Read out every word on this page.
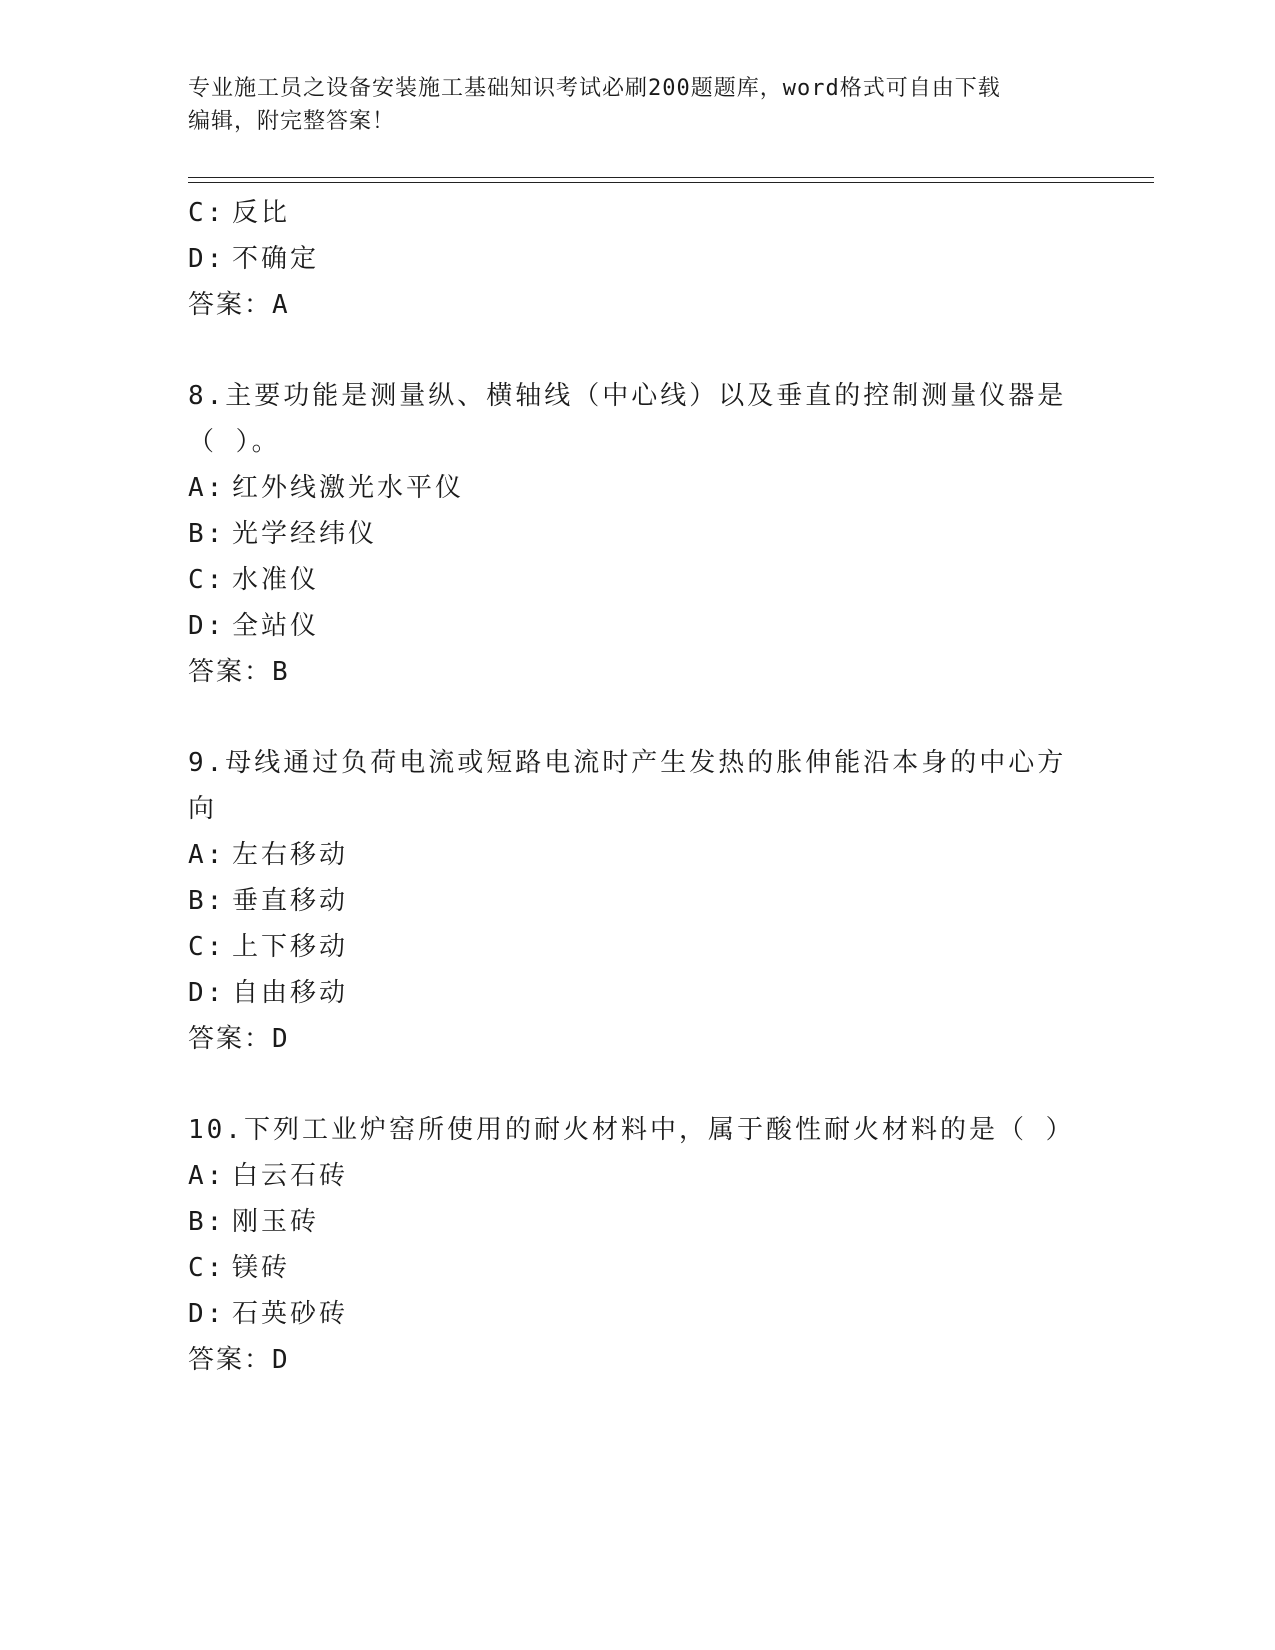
专业施工员之设备安装施工基础知识考试必刷200题题库，word格式可自由下载
编辑，附完整答案！
C: 反比
D: 不确定
答案：A
8.主要功能是测量纵、横轴线（中心线）以及垂直的控制测量仪器是
（ ）。
A: 红外线激光水平仪
B: 光学经纬仪
C: 水准仪
D: 全站仪
答案：B
9.母线通过负荷电流或短路电流时产生发热的胀伸能沿本身的中心方
向
A: 左右移动
B: 垂直移动
C: 上下移动
D: 自由移动
答案：D
10.下列工业炉窑所使用的耐火材料中，属于酸性耐火材料的是（ ）
A: 白云石砖
B: 刚玉砖
C: 镁砖
D: 石英砂砖
答案：D
